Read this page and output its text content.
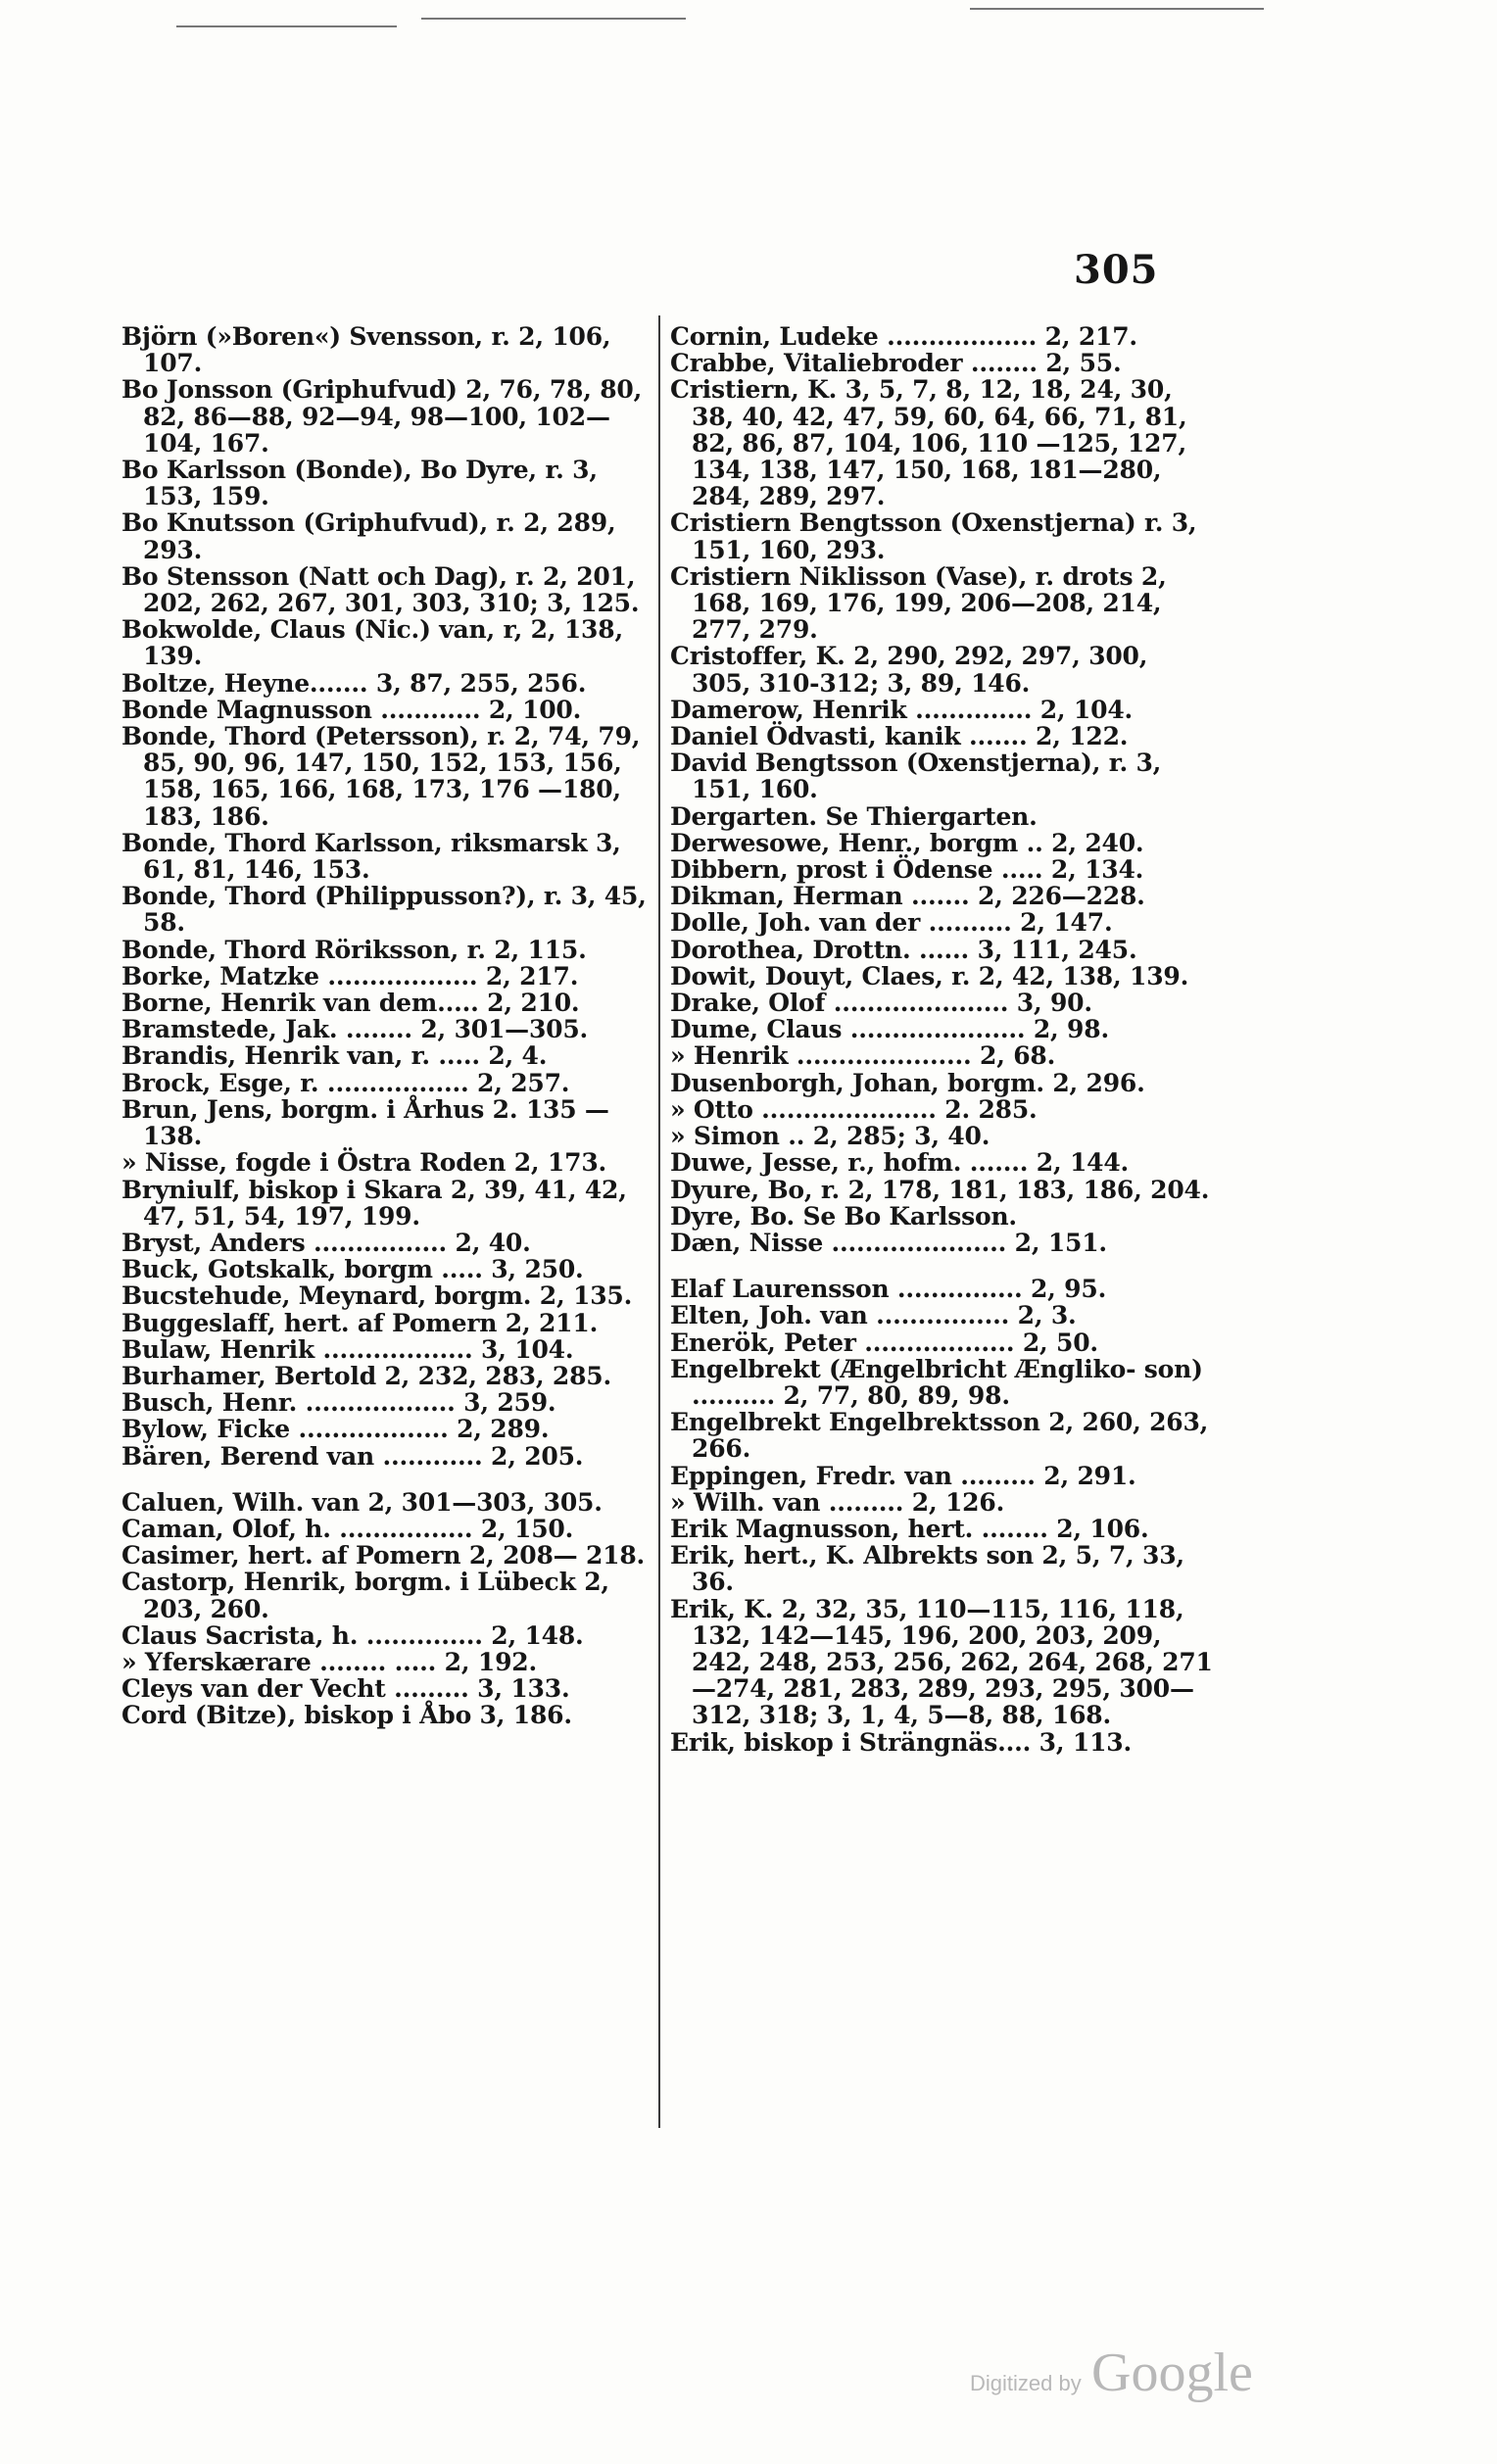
305
Björn (»Boren«) Svensson, r. 2, 106, 107.
Bo Jonsson (Griphufvud) 2, 76, 78, 80, 82, 86—88, 92—94, 98—100, 102—104, 167.
Bo Karlsson (Bonde), Bo Dyre, r. 3, 153, 159.
Bo Knutsson (Griphufvud), r. 2, 289, 293.
Bo Stensson (Natt och Dag), r. 2, 201, 202, 262, 267, 301, 303, 310; 3, 125.
Bokwolde, Claus (Nic.) van, r, 2, 138, 139.
Boltze, Heyne....... 3, 87, 255, 256.
Bonde Magnusson ............ 2, 100.
Bonde, Thord (Petersson), r. 2, 74, 79, 85, 90, 96, 147, 150, 152, 153, 156, 158, 165, 166, 168, 173, 176 —180, 183, 186.
Bonde, Thord Karlsson, riksmarsk 3, 61, 81, 146, 153.
Bonde, Thord (Philippusson?), r. 3, 45, 58.
Bonde, Thord Röriksson, r. 2, 115.
Borke, Matzke .................. 2, 217.
Borne, Henrik van dem..... 2, 210.
Bramstede, Jak. ........ 2, 301—305.
Brandis, Henrik van, r. ..... 2, 4.
Brock, Esge, r. ................. 2, 257.
Brun, Jens, borgm. i Århus 2. 135 —138.
» Nisse, fogde i Östra Roden 2, 173.
Bryniulf, biskop i Skara 2, 39, 41, 42, 47, 51, 54, 197, 199.
Bryst, Anders ................ 2, 40.
Buck, Gotskalk, borgm ..... 3, 250.
Bucstehude, Meynard, borgm. 2, 135.
Buggeslaff, hert. af Pomern 2, 211.
Bulaw, Henrik .................. 3, 104.
Burhamer, Bertold 2, 232, 283, 285.
Busch, Henr. .................. 3, 259.
Bylow, Ficke .................. 2, 289.
Bären, Berend van ............ 2, 205.
Caluen, Wilh. van 2, 301—303, 305.
Caman, Olof, h. ................ 2, 150.
Casimer, hert. af Pomern 2, 208— 218.
Castorp, Henrik, borgm. i Lübeck 2, 203, 260.
Claus Sacrista, h. .............. 2, 148.
» Yferskærare ........ ..... 2, 192.
Cleys van der Vecht ......... 3, 133.
Cord (Bitze), biskop i Åbo 3, 186.
Cornin, Ludeke .................. 2, 217.
Crabbe, Vitaliebroder ........ 2, 55.
Cristiern, K. 3, 5, 7, 8, 12, 18, 24, 30, 38, 40, 42, 47, 59, 60, 64, 66, 71, 81, 82, 86, 87, 104, 106, 110 —125, 127, 134, 138, 147, 150, 168, 181—280, 284, 289, 297.
Cristiern Bengtsson (Oxenstjerna) r. 3, 151, 160, 293.
Cristiern Niklisson (Vase), r. drots 2, 168, 169, 176, 199, 206—208, 214, 277, 279.
Cristoffer, K. 2, 290, 292, 297, 300, 305, 310-312; 3, 89, 146.
Damerow, Henrik .............. 2, 104.
Daniel Ödvasti, kanik ....... 2, 122.
David Bengtsson (Oxenstjerna), r. 3, 151, 160.
Dergarten. Se Thiergarten.
Derwesowe, Henr., borgm .. 2, 240.
Dibbern, prost i Ödense ..... 2, 134.
Dikman, Herman ....... 2, 226—228.
Dolle, Joh. van der .......... 2, 147.
Dorothea, Drottn. ...... 3, 111, 245.
Dowit, Douyt, Claes, r. 2, 42, 138, 139.
Drake, Olof ..................... 3, 90.
Dume, Claus ..................... 2, 98.
» Henrik ..................... 2, 68.
Dusenborgh, Johan, borgm. 2, 296.
» Otto ..................... 2. 285.
» Simon .. 2, 285; 3, 40.
Duwe, Jesse, r., hofm. ....... 2, 144.
Dyure, Bo, r. 2, 178, 181, 183, 186, 204.
Dyre, Bo. Se Bo Karlsson.
Dæn, Nisse ..................... 2, 151.
Elaf Laurensson ............... 2, 95.
Elten, Joh. van ................ 2, 3.
Enerök, Peter .................. 2, 50.
Engelbrekt (Ængelbricht Ængliko- son) .......... 2, 77, 80, 89, 98.
Engelbrekt Engelbrektsson 2, 260, 263, 266.
Eppingen, Fredr. van ......... 2, 291.
» Wilh. van ......... 2, 126.
Erik Magnusson, hert. ........ 2, 106.
Erik, hert., K. Albrekts son 2, 5, 7, 33, 36.
Erik, K. 2, 32, 35, 110—115, 116, 118, 132, 142—145, 196, 200, 203, 209, 242, 248, 253, 256, 262, 264, 268, 271—274, 281, 283, 289, 293, 295, 300—312, 318; 3, 1, 4, 5—8, 88, 168.
Erik, biskop i Strängnäs.... 3, 113.
Digitized by Google
